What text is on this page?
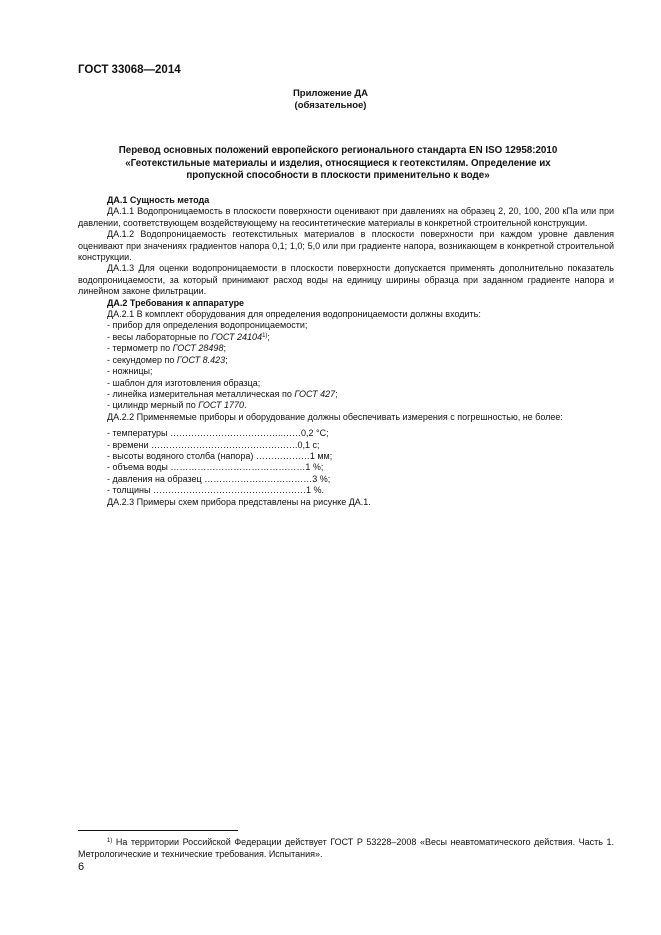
ГОСТ 33068—2014
Приложение ДА
(обязательное)
Перевод основных положений европейского регионального стандарта EN ISO 12958:2010
«Геотекстильные материалы и изделия, относящиеся к геотекстилям. Определение их
пропускной способности в плоскости применительно к воде»

ДА.1 Сущность метода

ДА.1.1 Водопроницаемость в плоскости поверхности оценивают при давлениях на образец 2, 20, 100, 200 кПа или при давлении, соответствующем воздействующему на геосинтетические материалы в конкретной строительной конструкции.

ДА.1.2 Водопроницаемость геотекстильных материалов в плоскости поверхности при каждом уровне давления оценивают при значениях градиентов напора 0,1; 1,0; 5,0 или при градиенте напора, возникающем в конкретной строительной конструкции.

ДА.1.3 Для оценки водопроницаемости в плоскости поверхности допускается применять дополнительно показатель водопроницаемости, за который принимают расход воды на единицу ширины образца при заданном градиенте напора и линейном законе фильтрации.

ДА.2 Требования к аппаратуре

ДА.2.1 В комплект оборудования для определения водопроницаемости должны входить:

- прибор для определения водопроницаемости;

- весы лабораторные по ГОСТ 24104$^{1)}$;

- термометр по ГОСТ 28498;

- секундомер по ГОСТ 8.423;

- ножницы;

- шаблон для изготовления образца;

- линейка измерительная металлическая по ГОСТ 427;

- цилиндр мерный по ГОСТ 1770.

ДА.2.2 Применяемые приборы и оборудование должны обеспечивать измерения с погрешностью, не более:

- температуры ………………………………..……0,2 °С;

- времени ………………………………………….0,1 с;

- высоты водяного столба (напора) ………………1 мм;

- объема воды ………………………………………1 %;

- давления на образец ………………………………3 %;

- толщины ……………………………………………1 %.

ДА.2.3 Примеры схем прибора представлены на рисунке ДА.1.

$^{1)}$ На территории Российской Федерации действует ГОСТ Р 53228–2008 «Весы неавтоматического действия. Часть 1. Метрологические и технические требования. Испытания».
6
